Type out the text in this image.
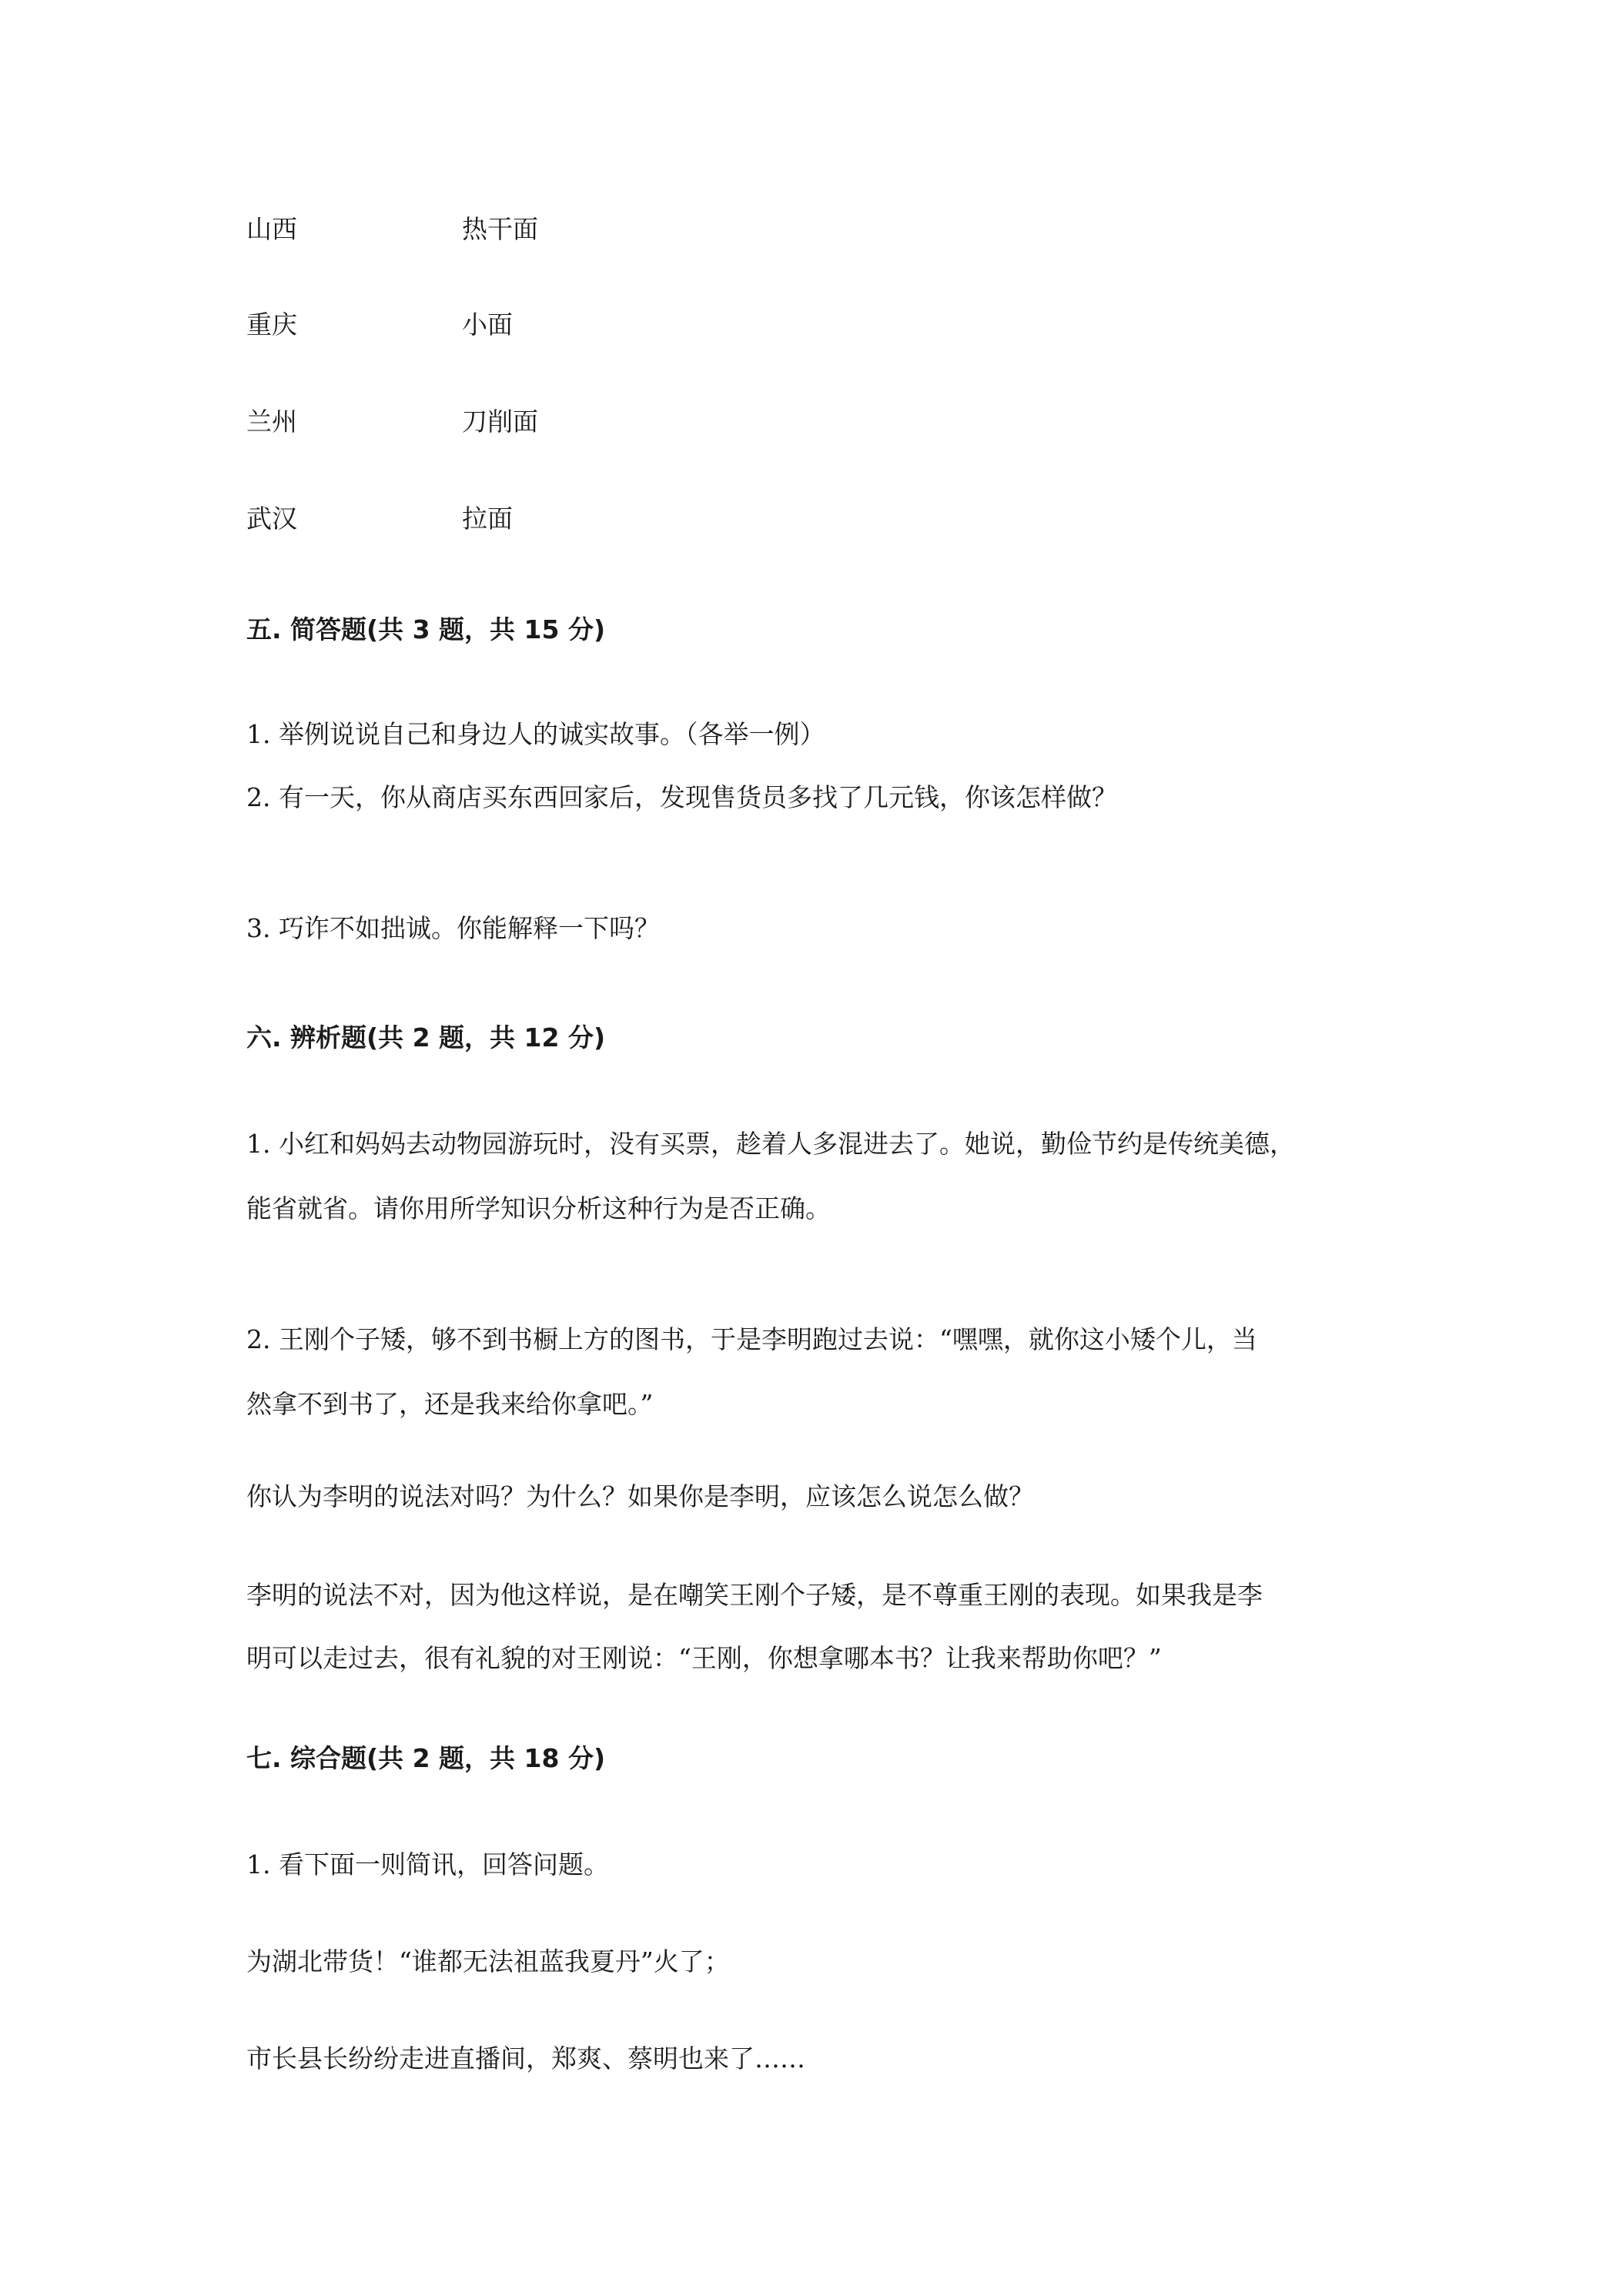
山西	热干面
重庆	小面
兰州	刀削面
武汉	拉面
五. 简答题(共 3 题，共 15 分)
1. 举例说说自己和身边人的诚实故事。（各举一例）
2. 有一天，你从商店买东西回家后，发现售货员多找了几元钱，你该怎样做？
3. 巧诈不如拙诚。你能解释一下吗？
六. 辨析题(共 2 题，共 12 分)
1. 小红和妈妈去动物园游玩时，没有买票，趁着人多混进去了。她说，勤俭节约是传统美德，
能省就省。请你用所学知识分析这种行为是否正确。
2. 王刚个子矮，够不到书橱上方的图书，于是李明跑过去说：“嘿嘿，就你这小矮个儿，当
然拿不到书了，还是我来给你拿吧。”
你认为李明的说法对吗？为什么？如果你是李明，应该怎么说怎么做？
李明的说法不对，因为他这样说，是在嘲笑王刚个子矮，是不尊重王刚的表现。如果我是李
明可以走过去，很有礼貌的对王刚说：“王刚，你想拿哪本书？让我来帮助你吧？”
七. 综合题(共 2 题，共 18 分)
1. 看下面一则简讯，回答问题。
为湖北带货！“谁都无法祖蓝我夏丹”火了；
市长县长纷纷走进直播间，郑爽、蔡明也来了……
